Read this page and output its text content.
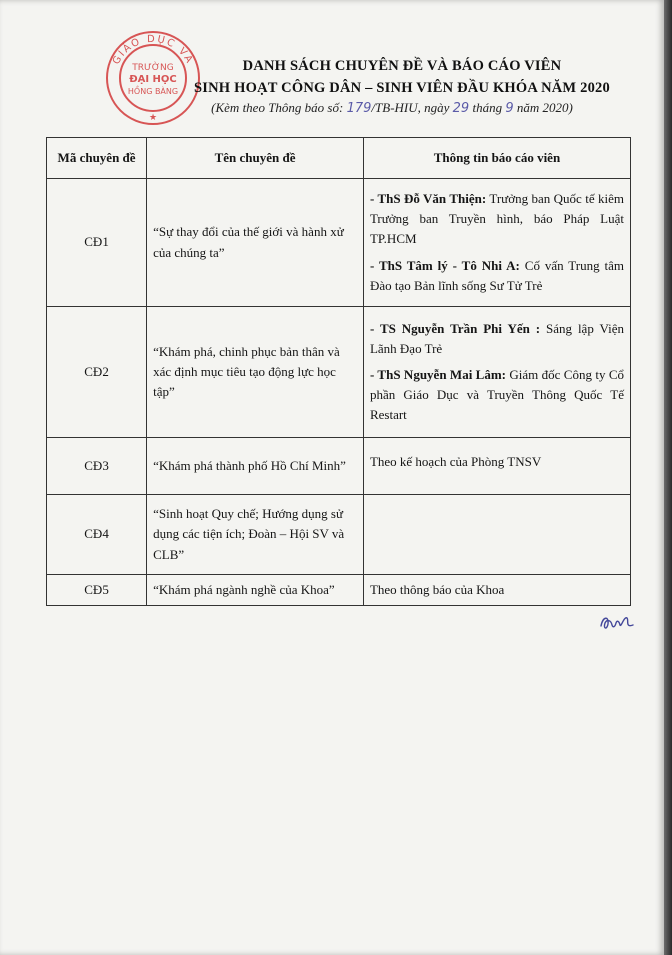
GIÁO DỤC VÀ
TRƯỜNG
ĐẠI HỌC
HỒNG BÀNG
★
DANH SÁCH CHUYÊN ĐỀ VÀ BÁO CÁO VIÊN
SINH HOẠT CÔNG DÂN – SINH VIÊN ĐẦU KHÓA NĂM 2020
(Kèm theo Thông báo số: 179/TB-HIU, ngày 29 tháng 9 năm 2020)
Mã chuyên đề	Tên chuyên đề	Thông tin báo cáo viên
CĐ1	“Sự thay đổi của thế giới và hành xử của chúng ta”	- ThS Đỗ Văn Thiện: Trưởng ban Quốc tế kiêm Trưởng ban Truyền hình, báo Pháp Luật TP.HCM

- ThS Tâm lý - Tô Nhi A: Cố vấn Trung tâm Đào tạo Bản lĩnh sống Sư Tử Trẻ

CĐ2	“Khám phá, chinh phục bản thân và xác định mục tiêu tạo động lực học tập”	- TS Nguyễn Trần Phi Yến : Sáng lập Viện Lãnh Đạo Trẻ

- ThS Nguyễn Mai Lâm: Giám đốc Công ty Cổ phần Giáo Dục và Truyền Thông Quốc Tế Restart

CĐ3	“Khám phá thành phố Hồ Chí Minh”	Theo kế hoạch của Phòng TNSV
CĐ4	“Sinh hoạt Quy chế; Hướng dụng sử dụng các tiện ích; Đoàn – Hội SV và CLB”	
CĐ5	“Khám phá ngành nghề của Khoa”	Theo thông báo của Khoa
